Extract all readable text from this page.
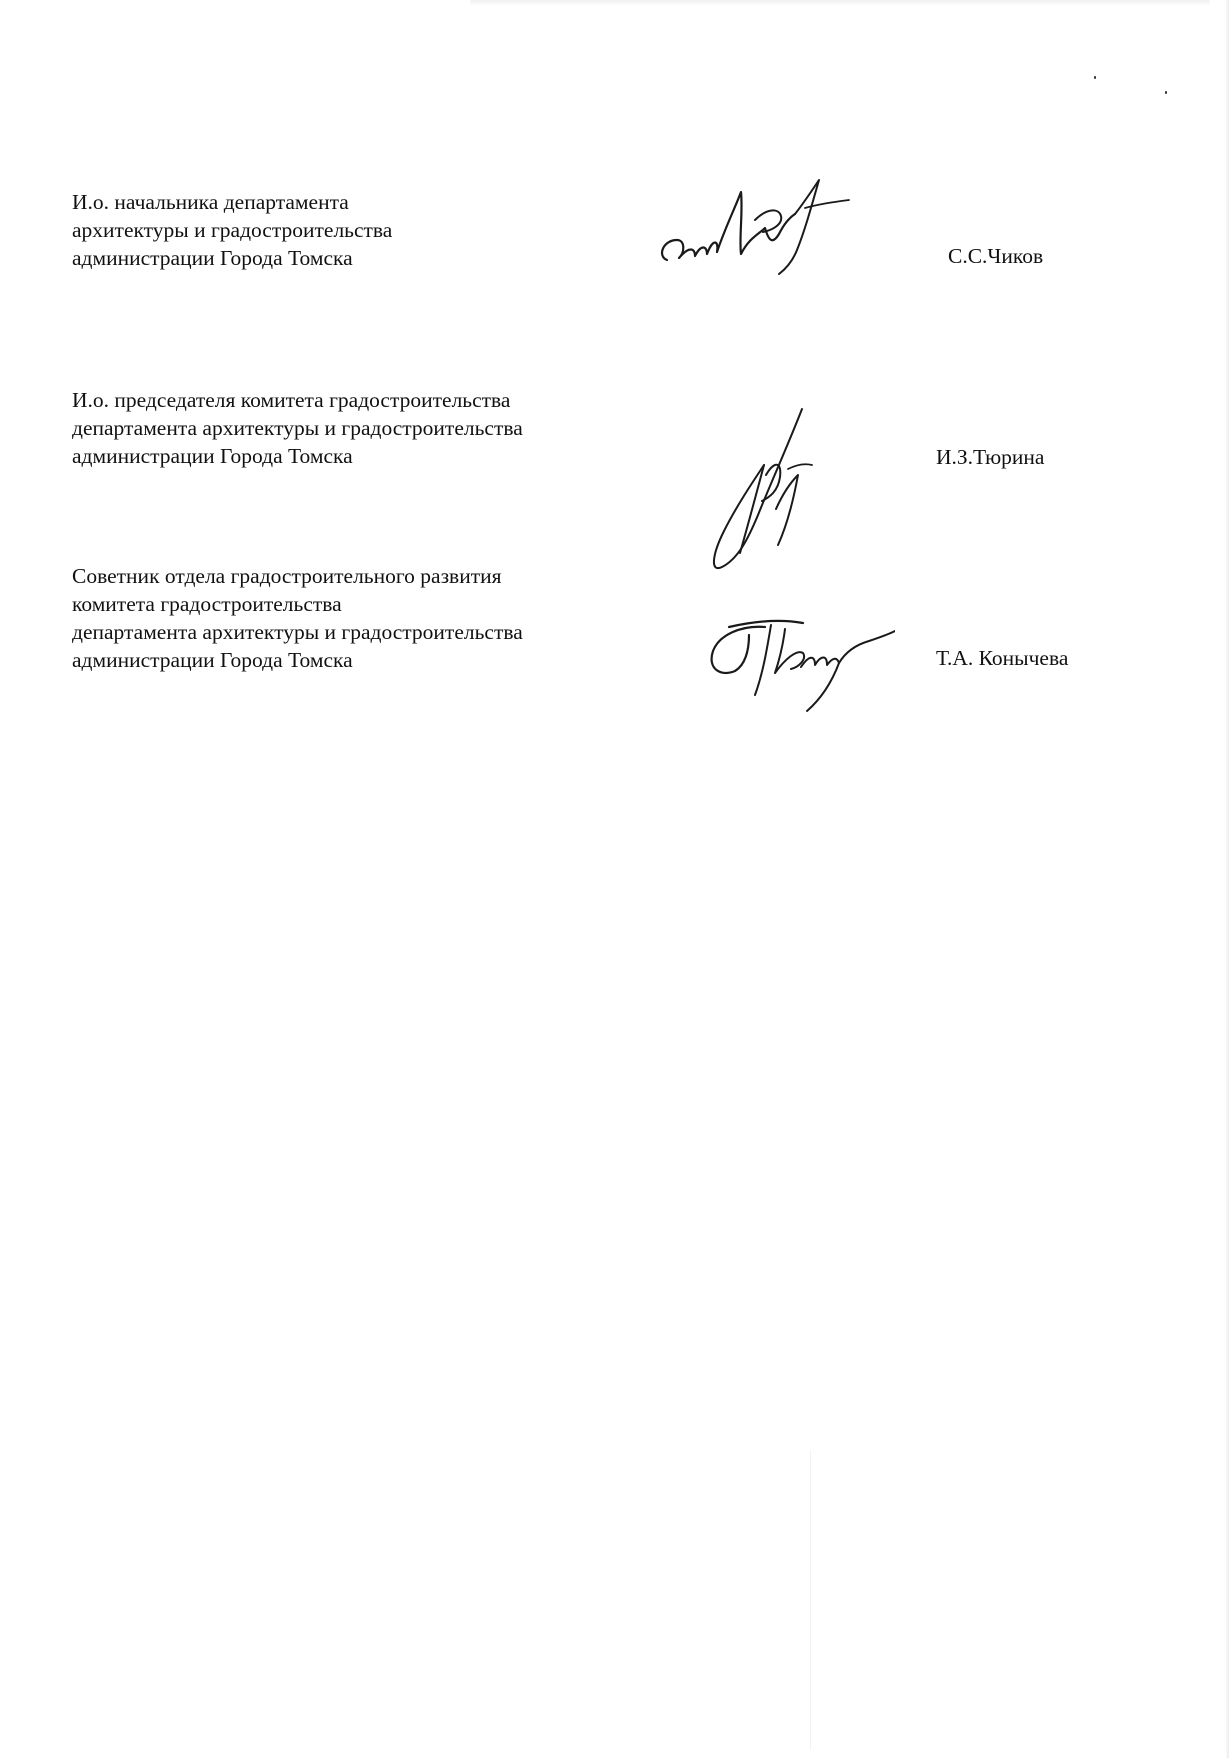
И.о. начальника департамента
архитектуры и градостроительства
администрации Города Томска	С.С.Чиков
И.о. председателя комитета градостроительства
департамента архитектуры и градостроительства
администрации Города Томска	И.З.Тюрина
Советник отдела градостроительного развития
комитета градостроительства
департамента архитектуры и градостроительства
администрации Города Томска	Т.А. Конычева
